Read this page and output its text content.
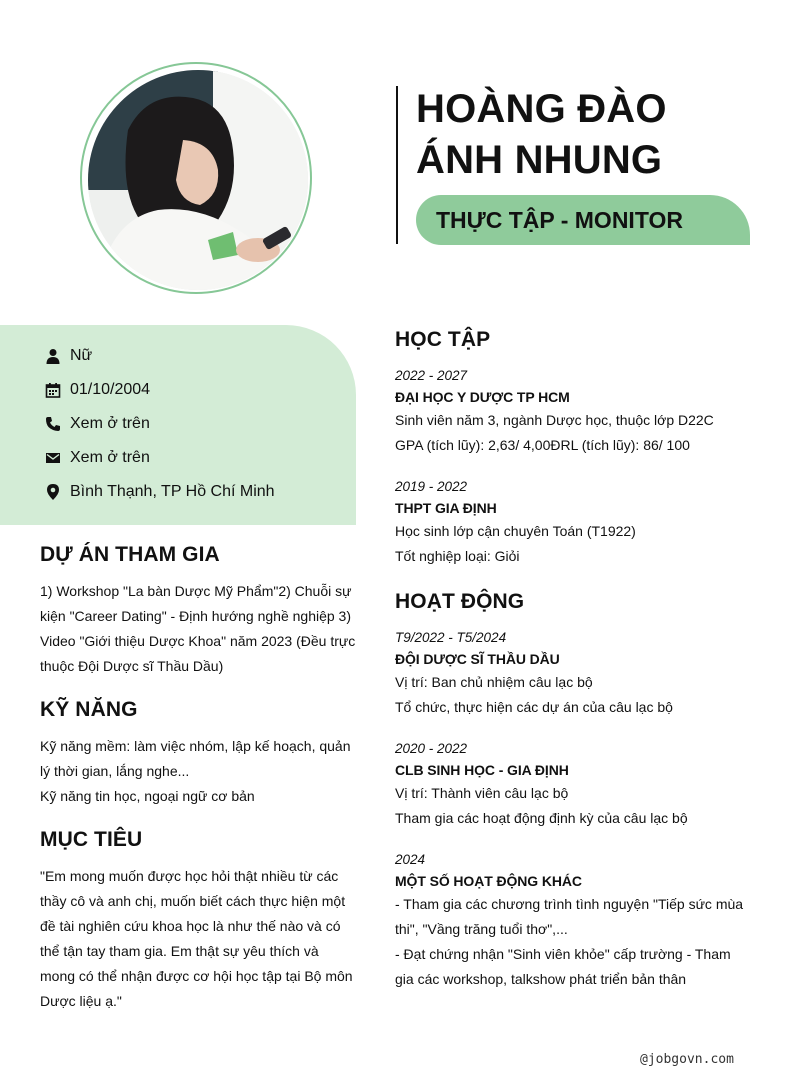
HOÀNG ĐÀO
ÁNH NHUNG
THỰC TẬP - MONITOR
Nữ
01/10/2004
Xem ở trên
Xem ở trên
Bình Thạnh, TP Hồ Chí Minh
DỰ ÁN THAM GIA
1) Workshop "La bàn Dược Mỹ Phẩm"2) Chuỗi sự
kiện "Career Dating" - Định hướng nghề nghiệp 3)
Video "Giới thiệu Dược Khoa" năm 2023 (Đều trực
thuộc Đội Dược sĩ Thầu Dầu)
KỸ NĂNG
Kỹ năng mềm: làm việc nhóm, lập kế hoạch, quản
lý thời gian, lắng nghe...
Kỹ năng tin học, ngoại ngữ cơ bản
MỤC TIÊU
"Em mong muốn được học hỏi thật nhiều từ các
thầy cô và anh chị, muốn biết cách thực hiện một
đề tài nghiên cứu khoa học là như thế nào và có
thể tận tay tham gia. Em thật sự yêu thích và
mong có thể nhận được cơ hội học tập tại Bộ môn
Dược liệu ạ."
HỌC TẬP
2022 - 2027
ĐẠI HỌC Y DƯỢC TP HCM
Sinh viên năm 3, ngành Dược học, thuộc lớp D22C
GPA (tích lũy): 2,63/ 4,00ĐRL (tích lũy): 86/ 100
2019 - 2022
THPT GIA ĐỊNH
Học sinh lớp cận chuyên Toán (T1922)
Tốt nghiệp loại: Giỏi
HOẠT ĐỘNG
T9/2022 - T5/2024
ĐỘI DƯỢC SĨ THẦU DẦU
Vị trí: Ban chủ nhiệm câu lạc bộ
Tổ chức, thực hiện các dự án của câu lạc bộ
2020 - 2022
CLB SINH HỌC - GIA ĐỊNH
Vị trí: Thành viên câu lạc bộ
Tham gia các hoạt động định kỳ của câu lạc bộ
2024
MỘT SỐ HOẠT ĐỘNG KHÁC
- Tham gia các chương trình tình nguyện "Tiếp sức mùa
thi", "Vầng trăng tuổi thơ",...
- Đạt chứng nhận "Sinh viên khỏe" cấp trường - Tham
gia các workshop, talkshow phát triển bản thân
@jobgovn.com
